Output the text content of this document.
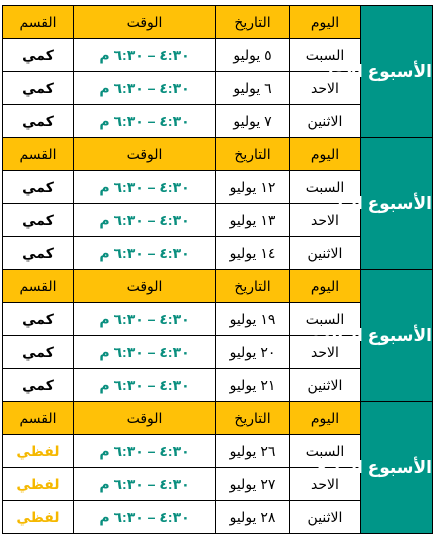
الأسبوع الأول	اليوم	التاريخ	الوقت	القسم
	السبت	٥ يوليو	٤:٣٠ – ٦:٣٠ م	كمي
	الاحد	٦ يوليو	٤:٣٠ – ٦:٣٠ م	كمي
	الاثنين	٧ يوليو	٤:٣٠ – ٦:٣٠ م	كمي
الأسبوع الثاني	اليوم	التاريخ	الوقت	القسم
	السبت	١٢ يوليو	٤:٣٠ – ٦:٣٠ م	كمي
	الاحد	١٣ يوليو	٤:٣٠ – ٦:٣٠ م	كمي
	الاثنين	١٤ يوليو	٤:٣٠ – ٦:٣٠ م	كمي
الأسبوع الثالث	اليوم	التاريخ	الوقت	القسم
	السبت	١٩ يوليو	٤:٣٠ – ٦:٣٠ م	كمي
	الاحد	٢٠ يوليو	٤:٣٠ – ٦:٣٠ م	كمي
	الاثنين	٢١ يوليو	٤:٣٠ – ٦:٣٠ م	كمي
الأسبوع الرابع	اليوم	التاريخ	الوقت	القسم
	السبت	٢٦ يوليو	٤:٣٠ – ٦:٣٠ م	لفظي
	الاحد	٢٧ يوليو	٤:٣٠ – ٦:٣٠ م	لفظي
	الاثنين	٢٨ يوليو	٤:٣٠ – ٦:٣٠ م	لفظي
